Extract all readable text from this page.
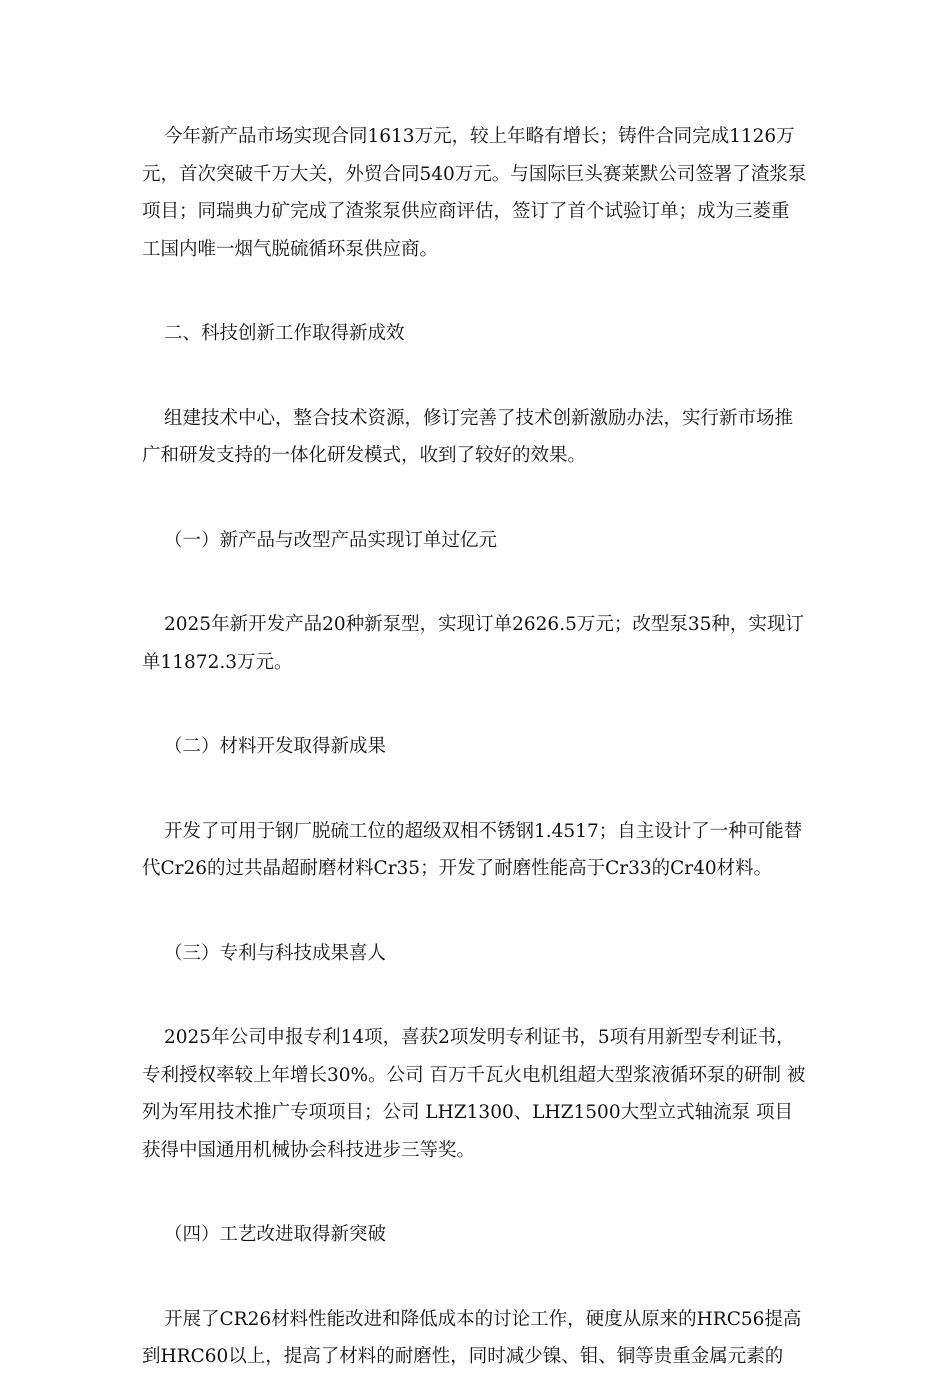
今年新产品市场实现合同1613万元，较上年略有增长；铸件合同完成1126万元，首次突破千万大关，外贸合同540万元。与国际巨头赛莱默公司签署了渣浆泵项目；同瑞典力矿完成了渣浆泵供应商评估，签订了首个试验订单；成为三菱重工国内唯一烟气脱硫循环泵供应商。

二、科技创新工作取得新成效

组建技术中心，整合技术资源，修订完善了技术创新激励办法，实行新市场推广和研发支持的一体化研发模式，收到了较好的效果。

（一）新产品与改型产品实现订单过亿元

2025年新开发产品20种新泵型，实现订单2626.5万元；改型泵35种，实现订单11872.3万元。

（二）材料开发取得新成果

开发了可用于钢厂脱硫工位的超级双相不锈钢1.4517；自主设计了一种可能替代Cr26的过共晶超耐磨材料Cr35；开发了耐磨性能高于Cr33的Cr40材料。

（三）专利与科技成果喜人

2025年公司申报专利14项，喜获2项发明专利证书，5项有用新型专利证书，专利授权率较上年增长30%。公司 百万千瓦火电机组超大型浆液循环泵的研制 被列为军用技术推广专项项目；公司 LHZ1300、LHZ1500大型立式轴流泵 项目获得中国通用机械协会科技进步三等奖。

（四）工艺改进取得新突破

开展了CR26材料性能改进和降低成本的讨论工作，硬度从原来的HRC56提高到HRC60以上，提高了材料的耐磨性，同时减少镍、钼、铜等贵重金属元素的
